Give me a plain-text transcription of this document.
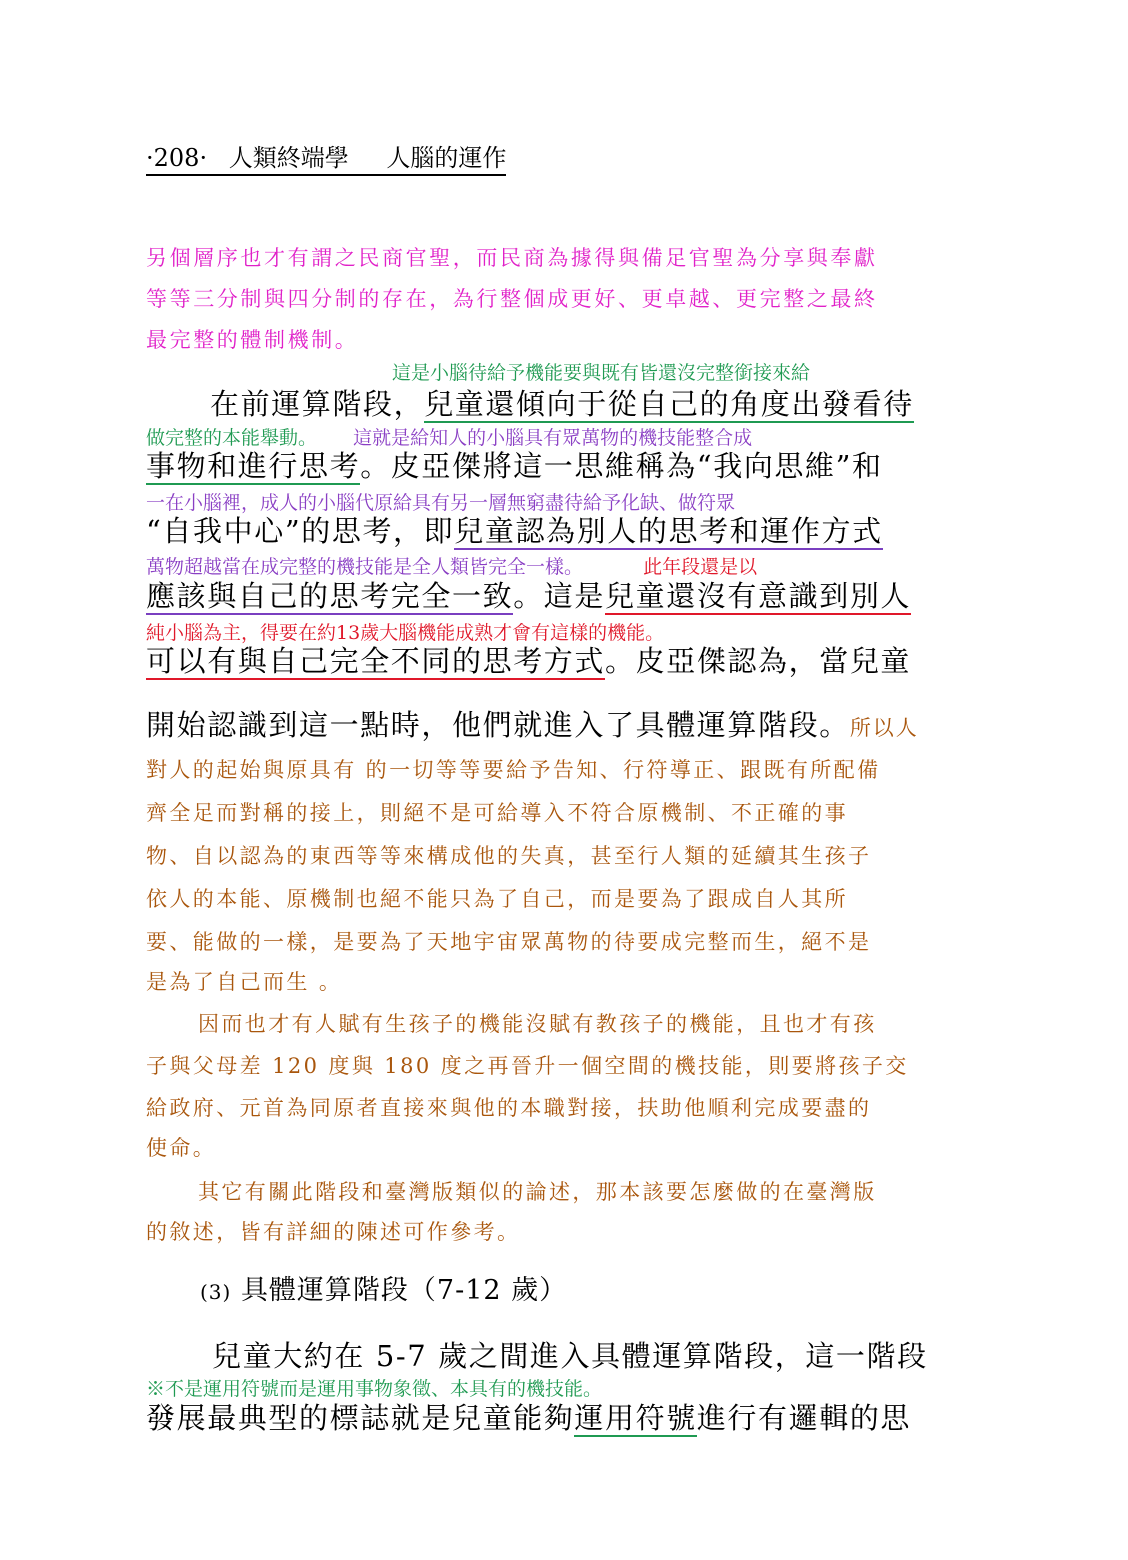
·208· 人類終端學 人腦的運作
另個層序也才有謂之民商官聖，而民商為據得與備足官聖為分享與奉獻
等等三分制與四分制的存在，為行整個成更好、更卓越、更完整之最終
最完整的體制機制。
這是小腦待給予機能要與既有皆還沒完整銜接來給
在前運算階段，兒童還傾向于從自己的角度出發看待
做完整的本能舉動。 這就是給知人的小腦具有眾萬物的機技能整合成
事物和進行思考。皮亞傑將這一思維稱為“我向思維”和
一在小腦裡，成人的小腦代原給具有另一層無窮盡待給予化缺、做符眾
“自我中心”的思考，即兒童認為別人的思考和運作方式
萬物超越當在成完整的機技能是全人類皆完全一樣。	此年段還是以
應該與自己的思考完全一致。這是兒童還沒有意識到別人
純小腦為主，得要在約13歲大腦機能成熟才會有這樣的機能。
可以有與自己完全不同的思考方式。皮亞傑認為，當兒童
開始認識到這一點時，他們就進入了具體運算階段。所以人
對人的起始與原具有 的一切等等要給予告知、行符導正、跟既有所配備
齊全足而對稱的接上，則絕不是可給導入不符合原機制、不正確的事
物、自以認為的東西等等來構成他的失真，甚至行人類的延續其生孩子
依人的本能、原機制也絕不能只為了自己，而是要為了跟成自人其所
要、能做的一樣，是要為了天地宇宙眾萬物的待要成完整而生，絕不是
是為了自己而生 。
因而也才有人賦有生孩子的機能沒賦有教孩子的機能，且也才有孩
子與父母差 120 度與 180 度之再晉升一個空間的機技能，則要將孩子交
給政府、元首為同原者直接來與他的本職對接，扶助他順利完成要盡的
使命。
其它有關此階段和臺灣版類似的論述，那本該要怎麼做的在臺灣版
的敘述，皆有詳細的陳述可作參考。
(3) 具體運算階段（7-12 歲）
兒童大約在 5-7 歲之間進入具體運算階段，這一階段
※不是運用符號而是運用事物象徵、本具有的機技能。
發展最典型的標誌就是兒童能夠運用符號進行有邏輯的思
